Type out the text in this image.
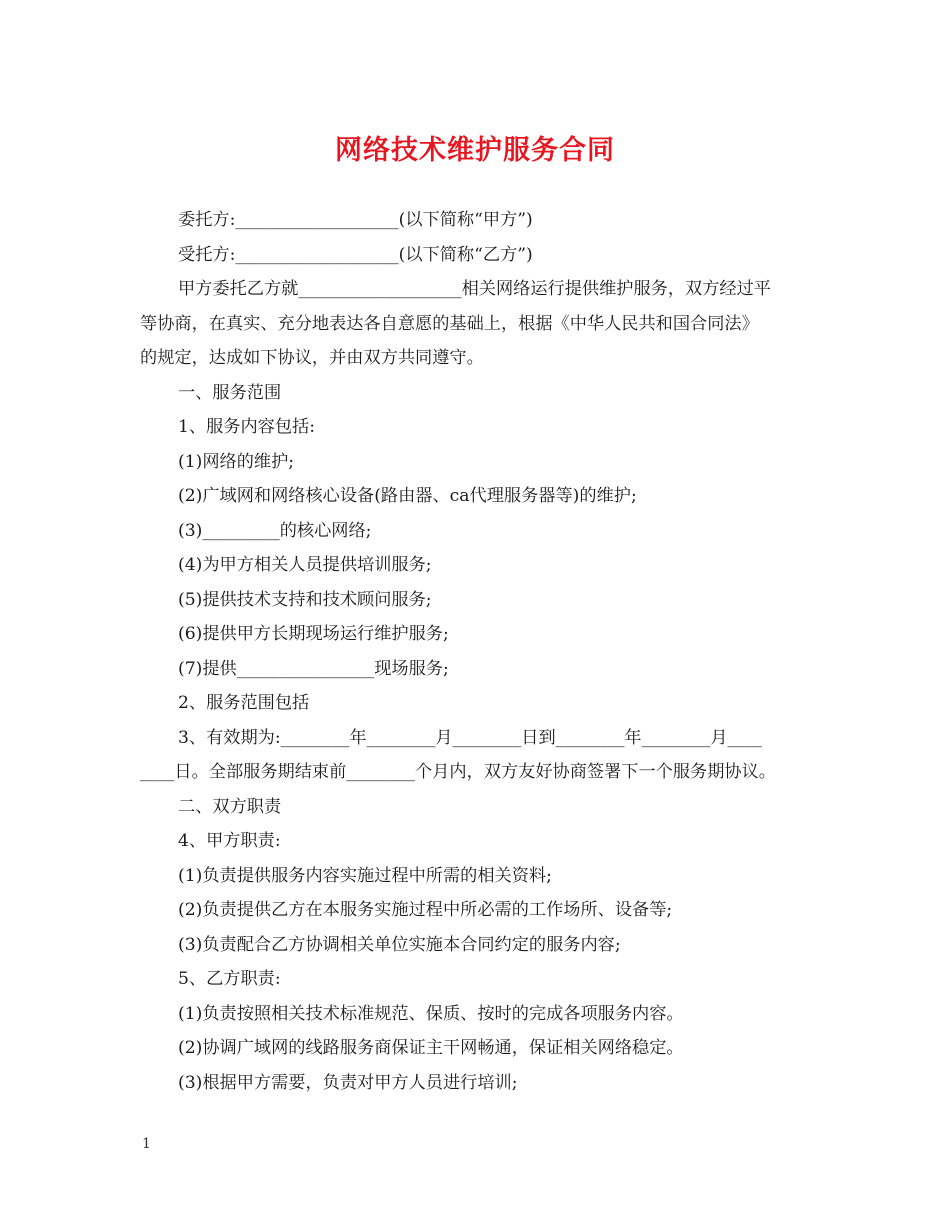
网络技术维护服务合同
委托方:___________________(以下简称“甲方”)
受托方:___________________(以下简称“乙方”)
甲方委托乙方就___________________相关网络运行提供维护服务，双方经过平
等协商，在真实、充分地表达各自意愿的基础上，根据《中华人民共和国合同法》
的规定，达成如下协议，并由双方共同遵守。
一、服务范围
1、服务内容包括:
(1)网络的维护;
(2)广域网和网络核心设备(路由器、ca代理服务器等)的维护;
(3)_________的核心网络;
(4)为甲方相关人员提供培训服务;
(5)提供技术支持和技术顾问服务;
(6)提供甲方长期现场运行维护服务;
(7)提供________________现场服务;
2、服务范围包括
3、有效期为:________年________月________日到________年________月____
____日。全部服务期结束前________个月内，双方友好协商签署下一个服务期协议。
二、双方职责
4、甲方职责:
(1)负责提供服务内容实施过程中所需的相关资料;
(2)负责提供乙方在本服务实施过程中所必需的工作场所、设备等;
(3)负责配合乙方协调相关单位实施本合同约定的服务内容;
5、乙方职责:
(1)负责按照相关技术标准规范、保质、按时的完成各项服务内容。
(2)协调广域网的线路服务商保证主干网畅通，保证相关网络稳定。
(3)根据甲方需要，负责对甲方人员进行培训;
1
